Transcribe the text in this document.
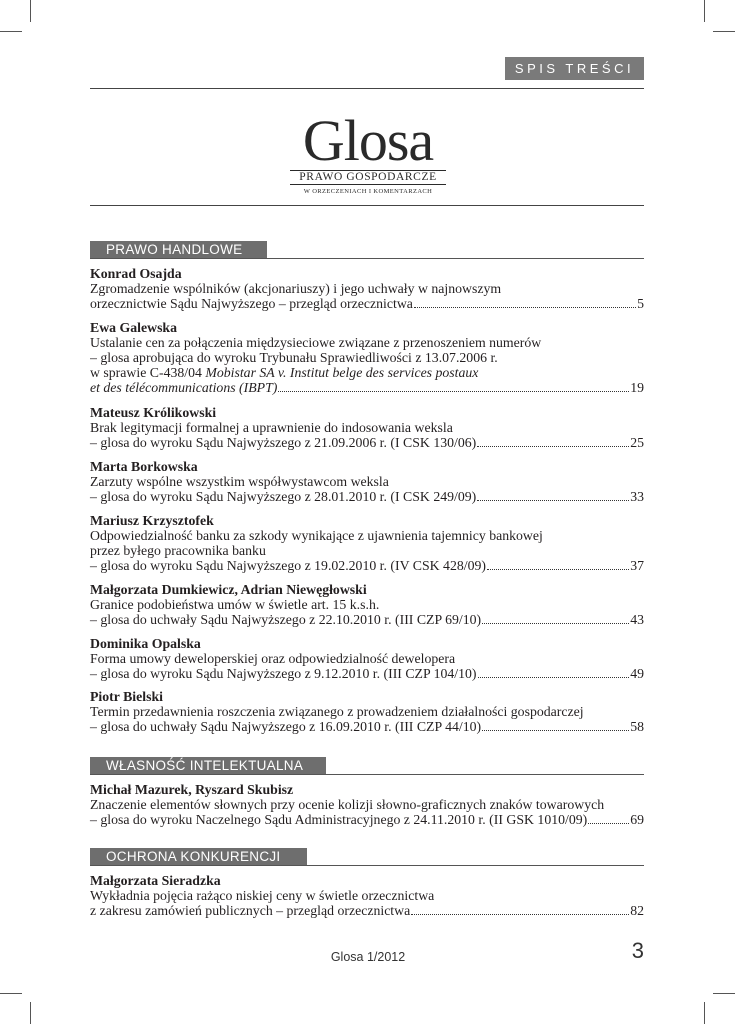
SPIS TREŚCI
Glosa
PRAWO GOSPODARCZE
W ORZECZENIACH I KOMENTARZACH
PRAWO HANDLOWE
Konrad Osajda
Zgromadzenie wspólników (akcjonariuszy) i jego uchwały w najnowszym
orzecznictwie Sądu Najwyższego – przegląd orzecznictwa	5
Ewa Galewska
Ustalanie cen za połączenia międzysieciowe związane z przenoszeniem numerów
– glosa aprobująca do wyroku Trybunału Sprawiedliwości z 13.07.2006 r.
w sprawie C-438/04 Mobistar SA v. Institut belge des services postaux
et des télécommunications (IBPT)	19
Mateusz Królikowski
Brak legitymacji formalnej a uprawnienie do indosowania weksla
– glosa do wyroku Sądu Najwyższego z 21.09.2006 r. (I CSK 130/06)	25
Marta Borkowska
Zarzuty wspólne wszystkim współwystawcom weksla
– glosa do wyroku Sądu Najwyższego z 28.01.2010 r. (I CSK 249/09)	33
Mariusz Krzysztofek
Odpowiedzialność banku za szkody wynikające z ujawnienia tajemnicy bankowej
przez byłego pracownika banku
– glosa do wyroku Sądu Najwyższego z 19.02.2010 r. (IV CSK 428/09)	37
Małgorzata Dumkiewicz, Adrian Niewęgłowski
Granice podobieństwa umów w świetle art. 15 k.s.h.
– glosa do uchwały Sądu Najwyższego z 22.10.2010 r. (III CZP 69/10)	43
Dominika Opalska
Forma umowy deweloperskiej oraz odpowiedzialność dewelopera
– glosa do wyroku Sądu Najwyższego z 9.12.2010 r. (III CZP 104/10)	49
Piotr Bielski
Termin przedawnienia roszczenia związanego z prowadzeniem działalności gospodarczej
– glosa do uchwały Sądu Najwyższego z 16.09.2010 r. (III CZP 44/10)	58
WŁASNOŚĆ INTELEKTUALNA
Michał Mazurek, Ryszard Skubisz
Znaczenie elementów słownych przy ocenie kolizji słowno-graficznych znaków towarowych
– glosa do wyroku Naczelnego Sądu Administracyjnego z 24.11.2010 r. (II GSK 1010/09)	69
OCHRONA KONKURENCJI
Małgorzata Sieradzka
Wykładnia pojęcia rażąco niskiej ceny w świetle orzecznictwa
z zakresu zamówień publicznych – przegląd orzecznictwa	82
Glosa 1/2012	3
